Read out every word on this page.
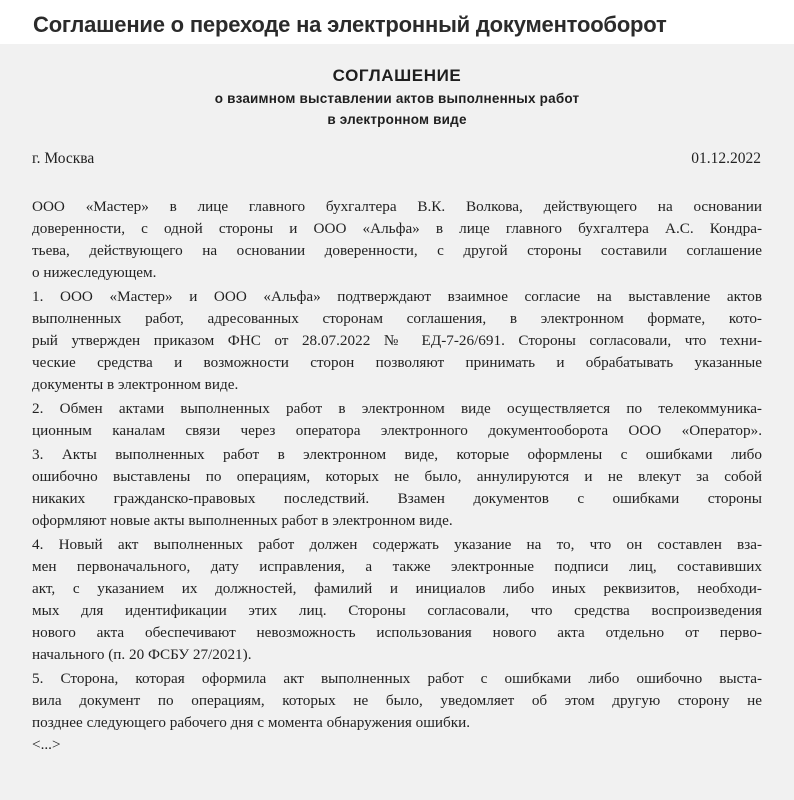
Соглашение о переходе на электронный документооборот
СОГЛАШЕНИЕ
о взаимном выставлении актов выполненных работ
в электронном виде
г. Москва	01.12.2022
ООО «Мастер» в лице главного бухгалтера В.К. Волкова, действующего на основании
доверенности, с одной стороны и ООО «Альфа» в лице главного бухгалтера А.С. Кондра-
тьева, действующего на основании доверенности, с другой стороны составили соглашение
о нижеследующем.
1. ООО «Мастер» и ООО «Альфа» подтверждают взаимное согласие на выставление актов
выполненных работ, адресованных сторонам соглашения, в электронном формате, кото-
рый утвержден приказом ФНС от 28.07.2022 № ЕД-7-26/691. Стороны согласовали, что техни-
ческие средства и возможности сторон позволяют принимать и обрабатывать указанные
документы в электронном виде.
2. Обмен актами выполненных работ в электронном виде осуществляется по телекоммуника-
ционным каналам связи через оператора электронного документооборота ООО «Оператор».
3. Акты выполненных работ в электронном виде, которые оформлены с ошибками либо
ошибочно выставлены по операциям, которых не было, аннулируются и не влекут за собой
никаких гражданско-правовых последствий. Взамен документов с ошибками стороны
оформляют новые акты выполненных работ в электронном виде.
4. Новый акт выполненных работ должен содержать указание на то, что он составлен вза-
мен первоначального, дату исправления, а также электронные подписи лиц, составивших
акт, с указанием их должностей, фамилий и инициалов либо иных реквизитов, необходи-
мых для идентификации этих лиц. Стороны согласовали, что средства воспроизведения
нового акта обеспечивают невозможность использования нового акта отдельно от перво-
начального (п. 20 ФСБУ 27/2021).
5. Сторона, которая оформила акт выполненных работ с ошибками либо ошибочно выста-
вила документ по операциям, которых не было, уведомляет об этом другую сторону не
позднее следующего рабочего дня с момента обнаружения ошибки.
<...>
